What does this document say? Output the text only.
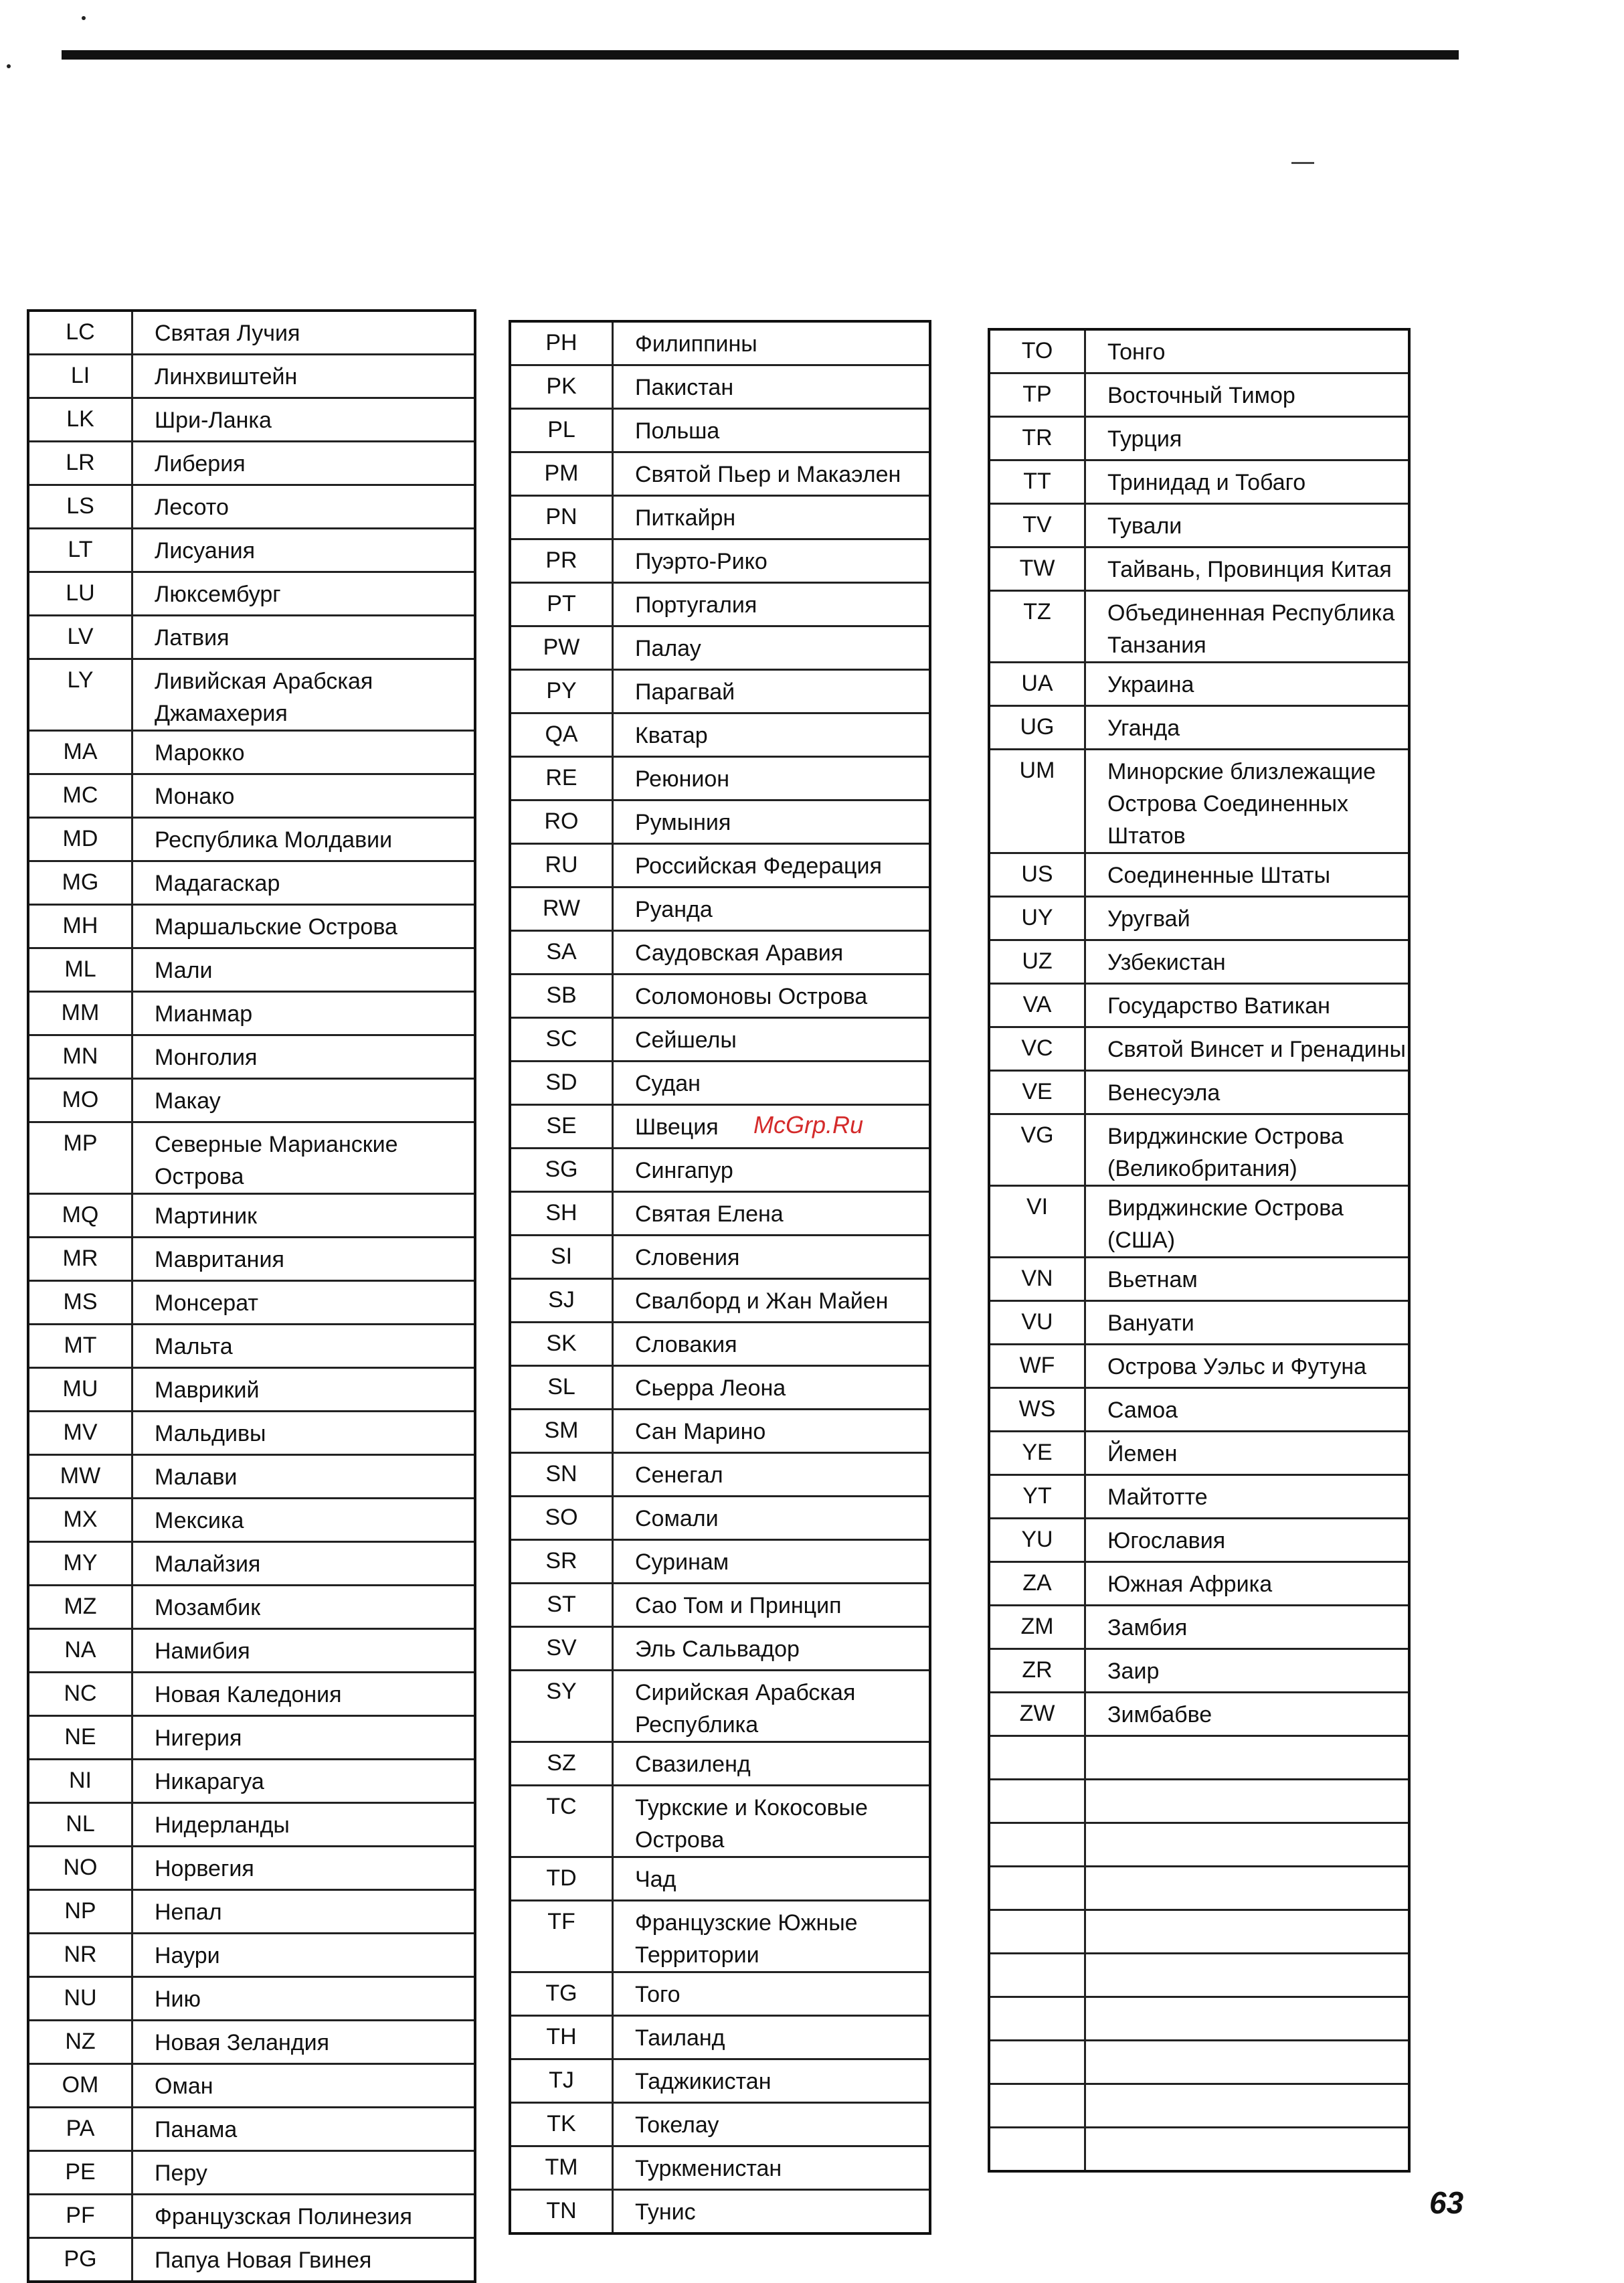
LC	Святая Лучия
LI	Линхвиштейн
LK	Шри-Ланка
LR	Либерия
LS	Лесото
LT	Лисуания
LU	Люксембург
LV	Латвия
LY	Ливийская Арабская Джамахерия
MA	Марокко
MC	Монако
MD	Республика Молдавии
MG	Мадагаскар
MH	Маршальские Острова
ML	Мали
MM	Мианмар
MN	Монголия
MO	Макау
MP	Северные Марианские Острова
MQ	Мартиник
MR	Мавритания
MS	Монсерат
MT	Мальта
MU	Маврикий
MV	Мальдивы
MW	Малави
MX	Мексика
MY	Малайзия
MZ	Мозамбик
NA	Намибия
NC	Новая Каледония
NE	Нигерия
NI	Никарагуа
NL	Нидерланды
NO	Норвегия
NP	Непал
NR	Наури
NU	Нию
NZ	Новая Зеландия
OM	Оман
PA	Панама
PE	Перу
PF	Французская Полинезия
PG	Папуа Новая Гвинея
PH	Филиппины
PK	Пакистан
PL	Польша
PM	Святой Пьер и Макаэлен
PN	Питкайрн
PR	Пуэрто-Рико
PT	Португалия
PW	Палау
PY	Парагвай
QA	Кватар
RE	Реюнион
RO	Румыния
RU	Российская Федерация
RW	Руанда
SA	Саудовская Аравия
SB	Соломоновы Острова
SC	Сейшелы
SD	Судан
SE	Швеция
SG	Сингапур
SH	Святая Елена
SI	Словения
SJ	Свалборд и Жан Майен
SK	Словакия
SL	Сьерра Леона
SM	Сан Марино
SN	Сенегал
SO	Сомали
SR	Суринам
ST	Сао Том и Принцип
SV	Эль Сальвадор
SY	Сирийская Арабская Республика
SZ	Свазиленд
TC	Туркские и Кокосовые Острова
TD	Чад
TF	Французские Южные Территории
TG	Того
TH	Таиланд
TJ	Таджикистан
TK	Токелау
TM	Туркменистан
TN	Тунис
TO	Тонго
TP	Восточный Тимор
TR	Турция
TT	Тринидад и Тобаго
TV	Тували
TW	Тайвань, Провинция Китая
TZ	Объединенная Республика Танзания
UA	Украина
UG	Уганда
UM	Минорские близлежащие Острова Соединенных Штатов
US	Соединенные Штаты
UY	Уругвай
UZ	Узбекистан
VA	Государство Ватикан
VC	Святой Винсет и Гренадины
VE	Венесуэла
VG	Вирджинские Острова (Великобритания)
VI	Вирджинские Острова (США)
VN	Вьетнам
VU	Вануати
WF	Острова Уэльс и Футуна
WS	Самоа
YE	Йемен
YT	Майтотте
YU	Югославия
ZA	Южная Африка
ZM	Замбия
ZR	Заир
ZW	Зимбабве

McGrp.Ru
63
